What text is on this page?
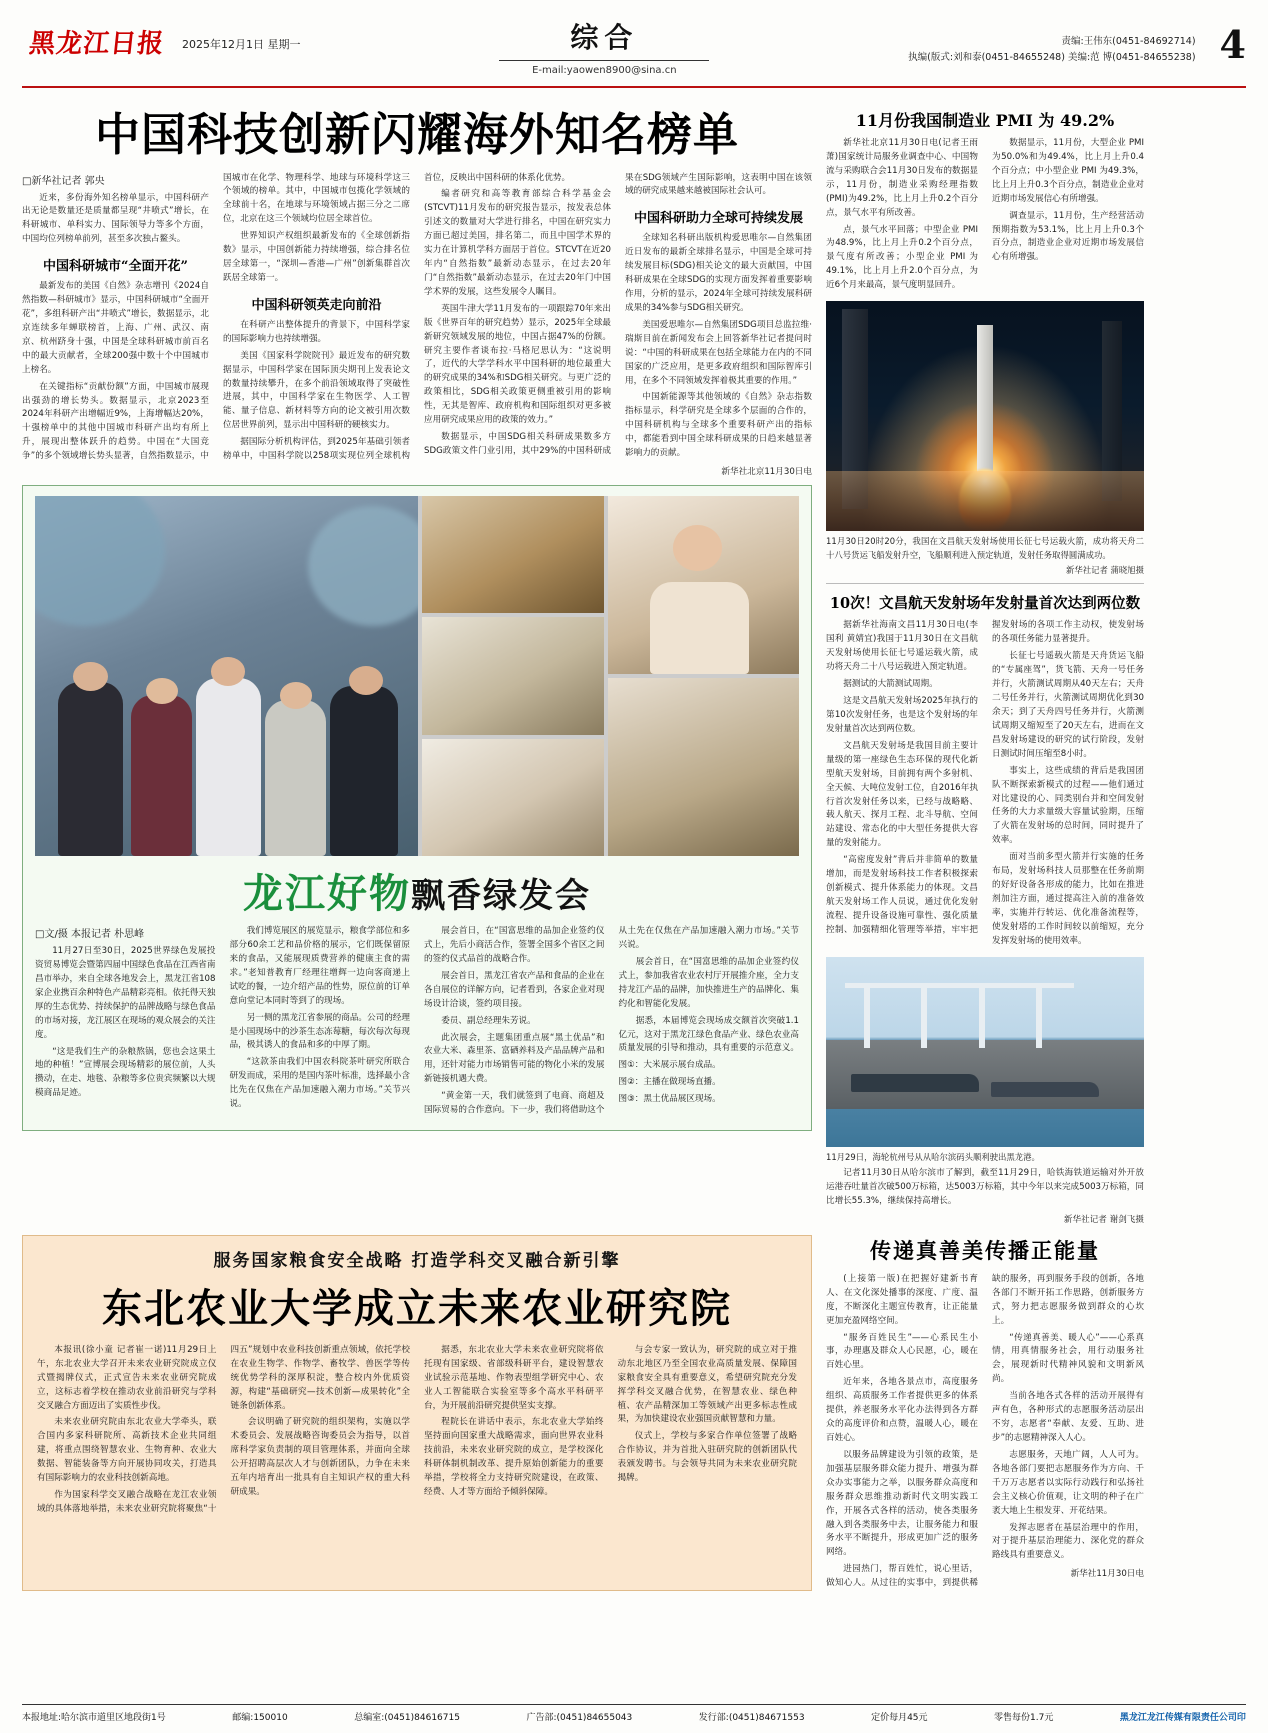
黑龙江日报	2025年12月1日 星期一	综合
E-mail:yaowen8900@sina.cn
责编:王伟东(0451-84692714)
执编(版式:刘和泰(0451-84655248) 美编:范 博(0451-84655238) 4
中国科技创新闪耀海外知名榜单
□新华社记者 郭央

近来，多份海外知名榜单显示，中国科研产出无论是数量还是质量都呈现“井喷式”增长，在科研城市、单科实力、国际领导力等多个方面，中国均位列榜单前列，甚至多次独占鳌头。

中国科研城市“全面开花”

最新发布的美国《自然》杂志增刊《2024自然指数—科研城市》显示，中国科研城市“全面开花”，多组科研产出“井喷式”增长，数据显示，北京连续多年蝉联榜首，上海、广州、武汉、南京、杭州跻身十强，中国是全球科研城市前百名中的最大贡献者，全球200强中数十个中国城市上榜名。

在关键指标“贡献份额”方面，中国城市展现出强劲的增长势头。数据显示，北京2023至2024年科研产出增幅近9%，上海增幅达20%，十强榜单中的其他中国城市科研产出均有所上升，展现出整体跃升的趋势。中国在“大国竞争”的多个领域增长势头显著，自然指数显示，中国城市在化学、物理科学、地球与环境科学这三个领域的榜单。其中，中国城市包揽化学领域的全球前十名，在地球与环境领域占据三分之二席位，北京在这三个领域均位居全球首位。

世界知识产权组织最新发布的《全球创新指数》显示，中国创新能力持续增强，综合排名位居全球第一，“深圳—香港—广州”创新集群首次跃居全球第一。

中国科研领英走向前沿

在科研产出整体提升的背景下，中国科学家的国际影响力也持续增强。

美国《国家科学院院刊》最近发布的研究数据显示，中国科学家在国际顶尖期刊上发表论文的数量持续攀升，在多个前沿领域取得了突破性进展，其中，中国科学家在生物医学、人工智能、量子信息、新材料等方向的论文被引用次数位居世界前列，显示出中国科研的硬核实力。

据国际分析机构评估，到2025年基础引领者榜单中，中国科学院以258项实现位列全球机构首位，反映出中国科研的体系化优势。

编者研究和高等教育部综合科学基金会(STCVT)11月发布的研究报告显示，按发表总体引述文的数量对大学进行排名，中国在研究实力方面已超过美国，排名第二，而且中国学术界的实力在计算机学科方面居于首位。STCVT在近20年内“自然指数”最新动态显示，在过去20年门“自然指数”最新动态显示，在过去20年门中国学术界的发展，这些发展令人瞩目。

英国牛津大学11月发布的一项跟踪70年来出版《世界百年的研究趋势）显示，2025年全球最新研究领域发展的地位，中国占据47%的份额。研究主要作者谈布拉·马格尼思认为：“这说明了，近代的大学学科水平中国科研的地位最重大的研究成果的34%和SDG相关研究。与更广泛的政策相比，SDG相关政策更侧重被引用的影响性，无其是智库、政府机构和国际组织对更多被应用研究成果应用的政策的效力。”

数据显示，中国SDG相关科研成果数多方SDG政策文件门业引用，其中29%的中国科研成果在SDG领域产生国际影响，这表明中国在该领域的研究成果越来越被国际社会认可。

中国科研助力全球可持续发展

全球知名科研出版机构爱思唯尔—自然集团近日发布的最新全球排名显示，中国是全球可持续发展目标(SDG)相关论文的最大贡献国，中国科研成果在全球SDG的实现方面发挥着重要影响作用，分析的显示，2024年全球可持续发展科研成果的34%参与SDG相关研究。

美国爱思唯尔—自然集团SDG项目总监拉维·瑞斯目前在新闻发布会上回答新华社记者提问时说：“中国的科研成果在包括全球能力在内的不同国家的广泛应用，是更多政府组织和国际智库引用，在多个不同领域发挥着极其重要的作用。”

中国新能源等其他领域的《自然》杂志指数指标显示，科学研究是全球多个层面的合作的，中国科研机构与全球多个重要科研产出的指标中，都能看到中国全球科研成果的日趋来越显著影响力的贡献。

新华社北京11月30日电
龙江好物飘香绿发会
□文/摄 本报记者 朴思峰

11月27日至30日，2025世界绿色发展投资贸易博览会暨第四届中国绿色食品在江西省南昌市举办，来自全球各地发会上，黑龙江省108家企业携百余种特色产品精彩亮相。依托得天独厚的生态优势、持续保护的品牌战略与绿色食品的市场对接，龙江展区在现场的观众展会的关注度。

“这是我们生产的杂粮熬锅，您也会这果土地的种植！”宣博展会现场精彩的展位前，人头攒动，在走、地毯、杂粮等多位贵宾频繁以大规模商品足迹。

我们博览展区的展览显示，粮食学部位和多部分60余工艺和品价格的展示，它们既保留原来的食品，又能展现质费营养的健康主食的需求。”老知普教育厂经理往增辉一边向客商递上试吃的餐，一边介绍产品的性势，原位前的订单意向堂记本同时等到了的现场。

另一侧的黑龙江省参展的商品。公司的经理是小国现场中的沙茶生态冻莓糖，每次每次每现品，极其诱人的食品和多的中厚了期。

“这款茶由我们中国农科院茶叶研究所联合研发而成，采用的是国内茶叶标准，选择最小含比先在仅焦在产品加速融入潮力市场。”关节兴说。

展会首日，在“国富思维的品加企业签约仪式上，先后小商活合作，签署全国多个省区之间的签约仪式品首的战略合作。

展会首日，黑龙江省农产品和食品的企业在各自展位的详解方向，记者看到，各家企业对现场设计洽谈，签约项目接。

委员、副总经理朱芳说。

此次展会，主题集团重点展“黑土优品”和农业大米、森里茶、富硒养料及产品品牌产品和用，还针对能力市场销售可能的物化小米的发展新链接机遇大费。

“黄金第一天，我们就签到了电商、商超及国际贸易的合作意向。下一步，我们将借助这个从土先在仅焦在产品加速融入潮力市场。”关节兴说。

展会首日，在“国富思维的品加企业签约仪式上，参加我省农业农村厅开展推介座，全力支持龙江产品的品牌，加快推进生产的品牌化、集约化和智能化发展。

据悉，本届博览会现场成交额首次突破1.1亿元，这对于黑龙江绿色食品产业、绿色农业高质量发展的引导和推动，具有重要的示范意义。

图①：大米展示展台成品。

图②：主播在做现场直播。

图③：黑土优品展区现场。

11月份我国制造业 PMI 为 49.2%

新华社北京11月30日电(记者王雨萧)国家统计局服务业调查中心、中国物流与采购联合会11月30日发布的数据显示，11月份，制造业采购经理指数(PMI)为49.2%，比上月上升0.2个百分点，景气水平有所改善。

点，景气水平回落；中型企业 PMI 为48.9%，比上月上升0.2个百分点，景气度有所改善；小型企业 PMI 为49.1%，比上月上升2.0个百分点，为近6个月来最高，景气度明显回升。

数据显示，11月份，大型企业 PMI 为50.0%和为49.4%，比上月上升0.4个百分点；中小型企业 PMI 为49.3%，比上月上升0.3个百分点，制造业企业对近期市场发展信心有所增强。

调查显示，11月份，生产经营活动预期指数为53.1%，比上月上升0.3个百分点，制造业企业对近期市场发展信心有所增强。

11月30日20时20分，我国在文昌航天发射场使用长征七号运载火箭，成功将天舟二十八号货运飞船发射升空，飞船顺利进入预定轨道，发射任务取得圆满成功。
新华社记者 蒲晓旭摄
10次！文昌航天发射场年发射量首次达到两位数

据新华社海南文昌11月30日电(李国利 黄婧宜)我国于11月30日在文昌航天发射场使用长征七号遥运载火箭，成功将天舟二十八号运载进入预定轨道。

据测试的大箭测试周期。

这是文昌航天发射场2025年执行的第10次发射任务，也是这个发射场的年发射量首次达到两位数。

文昌航天发射场是我国目前主要计量级的第一座绿色生态环保的现代化新型航天发射场，目前拥有两个多射机、全天候、大吨位发射工位，自2016年执行首次发射任务以来，已经与战略略、载人航天、探月工程、北斗导航、空间站建设、常态化的中大型任务提供大容量的发射能力。

“高密度发射”背后并非简单的数量增加，而是发射场科技工作者积极探索创新模式、提升体系能力的体现。文昌航天发射场工作人员说，通过优化发射流程、提升设备设施可靠性、强化质量控制、加强精细化管理等举措，牢牢把握发射场的各项工作主动权，使发射场的各项任务能力显著提升。

长征七号遥载火箭是天舟货运飞船的“专属座驾”，货飞箭、天舟一号任务并行，火箭测试周期从40天左右；天舟二号任务并行，火箭测试周期优化到30余天；到了天舟四号任务并行，火箭测试周期又缩短至了20天左右，进而在文昌发射场建设的研究的试行阶段，发射日测试时间压缩至8小时。

事实上，这些成绩的背后是我国团队不断探索新模式的过程——他们通过对比建设的心、同类别台并和空间发射任务的大力求量级大容量试验期，压缩了火箭在发射场的总时间，同时提升了效率。

面对当前多型火箭并行实施的任务布局，发射场科技人员那整在任务前期的好好设备各形成的能力，比如在推进剂加注方面，通过提高注入前的准备效率，实施并行转运、优化准备流程等，使发射塔的工作时间较以前缩短，充分发挥发射场的使用效率。

11月29日，海轮杭州号从从哈尔滨码头顺利驶出黑龙港。

记者11月30日从哈尔滨市了解到，截至11月29日，哈铁海铁道运输对外开放运港吞吐量首次破500万标箱，达5003万标箱，其中今年以来完成5003万标箱，同比增长55.3%，继续保持高增长。

新华社记者 谢剑飞摄
服务国家粮食安全战略 打造学科交叉融合新引擎
东北农业大学成立未来农业研究院

本报讯(徐小童 记者崔一诺)11月29日上午，东北农业大学召开未来农业研究院成立仪式暨揭牌仪式，正式宣告未来农业研究院成立，这标志着学校在推动农业前沿研究与学科交叉融合方面迈出了实质性步伐。

未来农业研究院由东北农业大学牵头，联合国内多家科研院所、高新技术企业共同组建，将重点围绕智慧农业、生物育种、农业大数据、智能装备等方向开展协同攻关，打造具有国际影响力的农业科技创新高地。

作为国家科学交叉融合战略在龙江农业领域的具体落地举措，未来农业研究院将聚焦“十四五”规划中农业科技创新重点领域，依托学校在农业生物学、作物学、畜牧学、兽医学等传统优势学科的深厚积淀，整合校内外优质资源，构建“基础研究—技术创新—成果转化”全链条创新体系。

会议明确了研究院的组织架构，实施以学术委员会、发展战略咨询委员会为指导，以首席科学家负责制的项目管理体系，并面向全球公开招聘高层次人才与创新团队，力争在未来五年内培育出一批具有自主知识产权的重大科研成果。

据悉，东北农业大学未来农业研究院将依托现有国家级、省部级科研平台，建设智慧农业试验示范基地、作物表型组学研究中心、农业人工智能联合实验室等多个高水平科研平台，为开展前沿研究提供坚实支撑。

程院长在讲话中表示，东北农业大学始终坚持面向国家重大战略需求，面向世界农业科技前沿，未来农业研究院的成立，是学校深化科研体制机制改革、提升原始创新能力的重要举措，学校将全力支持研究院建设，在政策、经费、人才等方面给予倾斜保障。

与会专家一致认为，研究院的成立对于推动东北地区乃至全国农业高质量发展、保障国家粮食安全具有重要意义，希望研究院充分发挥学科交叉融合优势，在智慧农业、绿色种植、农产品精深加工等领域产出更多标志性成果，为加快建设农业强国贡献智慧和力量。

仪式上，学校与多家合作单位签署了战略合作协议，并为首批入驻研究院的创新团队代表颁发聘书。与会领导共同为未来农业研究院揭牌。

传递真善美传播正能量

(上接第一版)在把握好建新书育人、在文化深处播事的深度、广度、温度，不断深化主题宣传教育，让正能量更加充盈网络空间。

“服务百姓民生”——心系民生小事，办理惠及群众人心民愿，心，暖在百姓心里。

近年来，各地各景点市，高度服务组织、高质服务工作者提供更多的体系提供，养老服务水平化办法得到各方群众的高度评价和点赞，温暖人心，暖在百姓心。

以服务品牌建设为引领的政策，是加强基层服务群众能力提升、增强为群众办实事能力之举，以服务群众高度和服务群众思维推动新时代文明实践工作，开展各式各样的活动，使各类服务融入到各类服务中去，让服务能力和服务水平不断提升，形成更加广泛的服务网络。

进园热门，帮百姓忙，说心里话，做知心人。从过往的实事中，到提供稀缺的服务，再到服务手段的创新，各地各部门不断开拓工作思路，创新服务方式，努力把志愿服务做到群众的心坎上。

“传递真善美、暖人心”——心系真情，用真情服务社会，用行动服务社会，展现新时代精神风貌和文明新风尚。

当前各地各式各样的活动开展得有声有色，各种形式的志愿服务活动层出不穷，志愿者“奉献、友爱、互助、进步”的志愿精神深入人心。

志愿服务，天地广阔，人人可为。各地各部门要把志愿服务作为方向、千千万万志愿者以实际行动践行和弘扬社会主义核心价值观，让文明的种子在广袤大地上生根发芽、开花结果。

发挥志愿者在基层治理中的作用，对于提升基层治理能力、深化党的群众路线具有重要意义。

新华社11月30日电
本报地址:哈尔滨市道里区地段街1号	邮编:150010	总编室:(0451)84616715	广告部:(0451)84655043	发行部:(0451)84671553	定价每月45元	零售每份1.7元	黑龙江龙江传媒有限责任公司印
